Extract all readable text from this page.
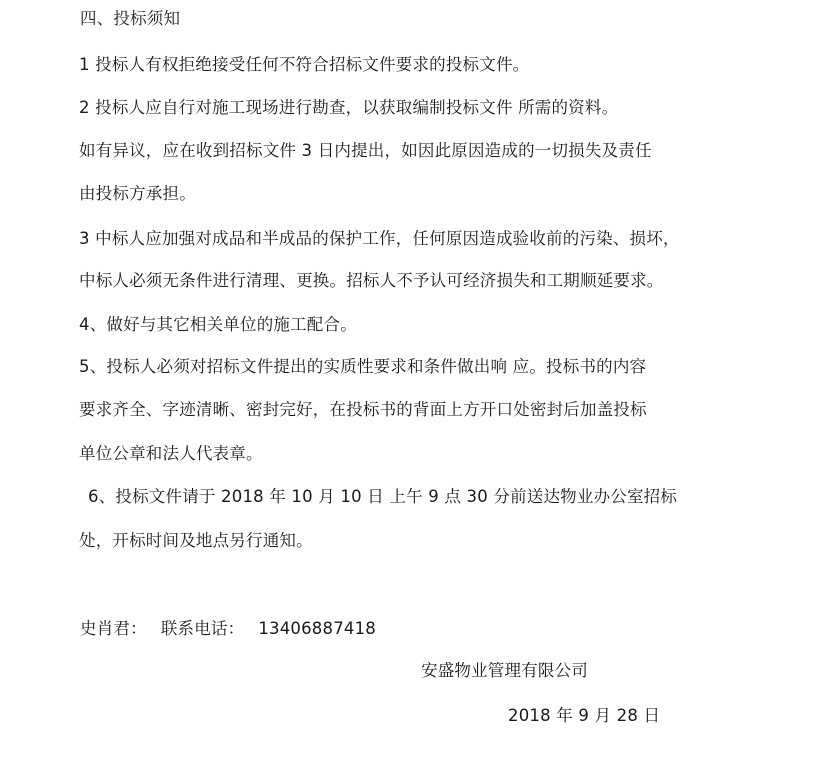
四、投标须知
1 投标人有权拒绝接受任何不符合招标文件要求的投标文件。
2 投标人应自行对施工现场进行勘查，以获取编制投标文件 所需的资料。
如有异议，应在收到招标文件 3 日内提出，如因此原因造成的一切损失及责任
由投标方承担。
3 中标人应加强对成品和半成品的保护工作，任何原因造成验收前的污染、损坏，
中标人必须无条件进行清理、更换。招标人不予认可经济损失和工期顺延要求。
4、做好与其它相关单位的施工配合。
5、投标人必须对招标文件提出的实质性要求和条件做出响 应。投标书的内容
要求齐全、字迹清晰、密封完好，在投标书的背面上方开口处密封后加盖投标
单位公章和法人代表章。
6、投标文件请于 2018 年 10 月 10 日 上午 9 点 30 分前送达物业办公室招标
处，开标时间及地点另行通知。
史肖君： 联系电话： 13406887418
安盛物业管理有限公司
2018 年 9 月 28 日
